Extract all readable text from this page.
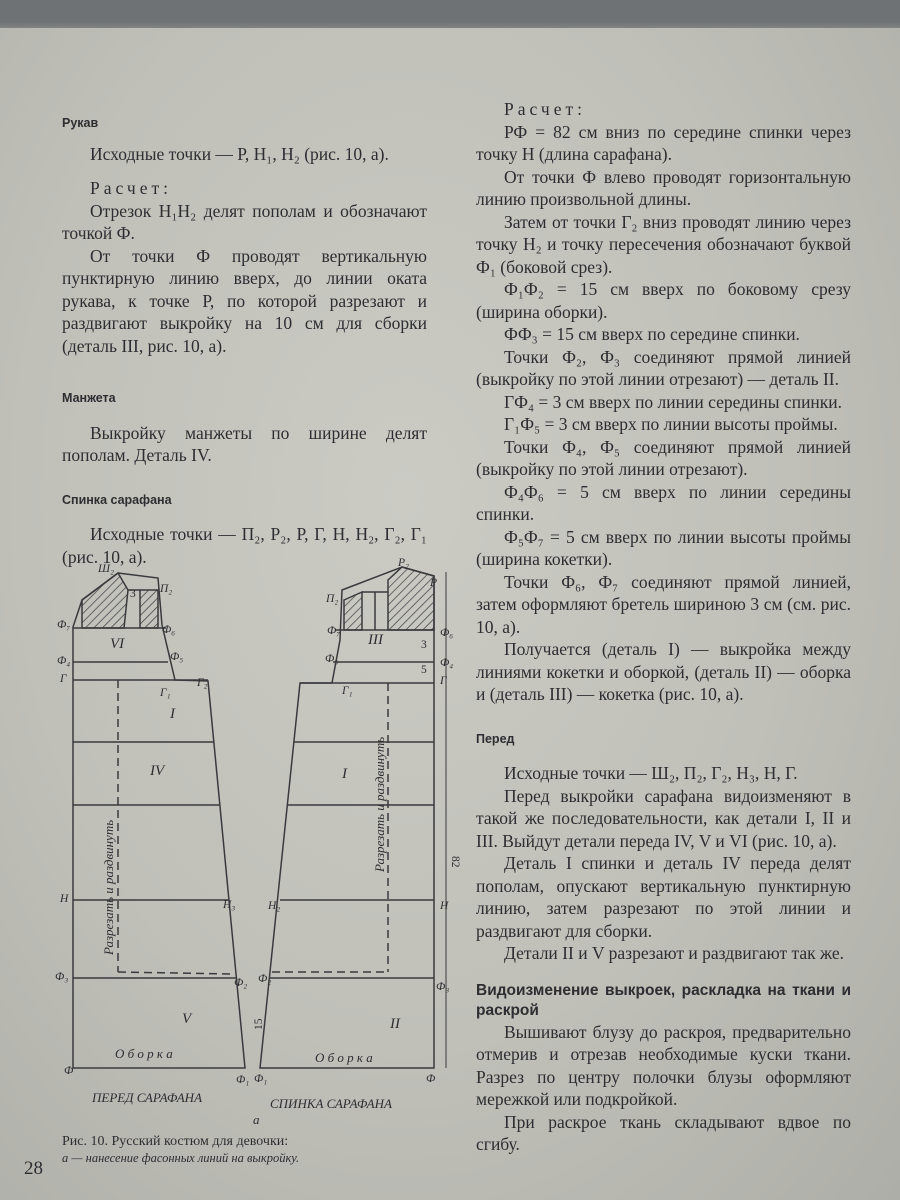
Рукав

Исходные точки — Р, Н₁, Н₂ (рис. 10, а).

Расчет:

Отрезок Н₁Н₂ делят пополам и обозначают точкой Ф.

От точки Ф проводят вертикальную пунктирную линию вверх, до линии оката рукава, к точке Р, по которой разрезают и раздвигают выкройку на 10 см для сборки (деталь III, рис. 10, а).

Манжета

Выкройку манжеты по ширине делят пополам. Деталь IV.

Спинка сарафана

Исходные точки — П₂, Р₂, Р, Г, Н, Н₂, Г₂, Г₁ (рис. 10, а).

Расчет:

РФ = 82 см вниз по середине спинки через точку Н (длина сарафана).

От точки Ф влево проводят горизонтальную линию произвольной длины.

Затем от точки Г₂ вниз проводят линию через точку Н₂ и точку пересечения обозначают буквой Ф₁ (боковой срез).

Ф₁Ф₂ = 15 см вверх по боковому срезу (ширина оборки).

ФФ₃ = 15 см вверх по середине спинки.

Точки Ф₂, Ф₃ соединяют прямой линией (выкройку по этой линии отрезают) — деталь II.

ГФ₄ = 3 см вверх по линии середины спинки.

Г₁Ф₅ = 3 см вверх по линии высоты проймы.

Точки Ф₄, Ф₅ соединяют прямой линией (выкройку по этой линии отрезают).

Ф₄Ф₆ = 5 см вверх по линии середины спинки.

Ф₅Ф₇ = 5 см вверх по линии высоты проймы (ширина кокетки).

Точки Ф₆, Ф₇ соединяют прямой линией, затем оформляют бретель шириною 3 см (см. рис. 10, а).

Получается (деталь I) — выкройка между линиями кокетки и оборкой, (деталь II) — оборка и (деталь III) — кокетка (рис. 10, а).

Перед

Исходные точки — Ш₂, П₂, Г₂, Н₃, Н, Г.

Перед выкройки сарафана видоизменяют в такой же последовательности, как детали I, II и III. Выйдут детали переда IV, V и VI (рис. 10, а).

Деталь I спинки и деталь IV переда делят пополам, опускают вертикальную пунктирную линию, затем разрезают по этой линии и раздвигают для сборки.

Детали II и V разрезают и раздвигают так же.

Видоизменение выкроек, раскладка на ткани и раскрой

Вышивают блузу до раскроя, предварительно отмерив и отрезав необходимые куски ткани. Разрез по центру полочки блузы оформляют мережкой или подкройкой.

При раскрое ткань складывают вдвое по сгибу.

Ш₂
П₂
Ф₇	Ф₆
Ф₅
Ф₄
Г
Г₁
Г₂
Н	Н₃
Ф₃	Ф₂
Ф
Ф₁
3
VI
IV
V
I
О б о р к а
Разрезать и раздвинуть
Р₂
Р
П₂
Ф₇	Ф₆
Ф₅	Ф₄
Г
Г₁
Н
Н₂
Ф₂
Ф₃
Ф₁	Ф
3
5
82
15
III
I
II
О б о р к а
Разрезать и раздвинуть
ПЕРЕД САРАФАНА	СПИНКА САРАФАНА
а
Рис. 10. Русский костюм для девочки:
а — нанесение фасонных линий на выкройку.
28
